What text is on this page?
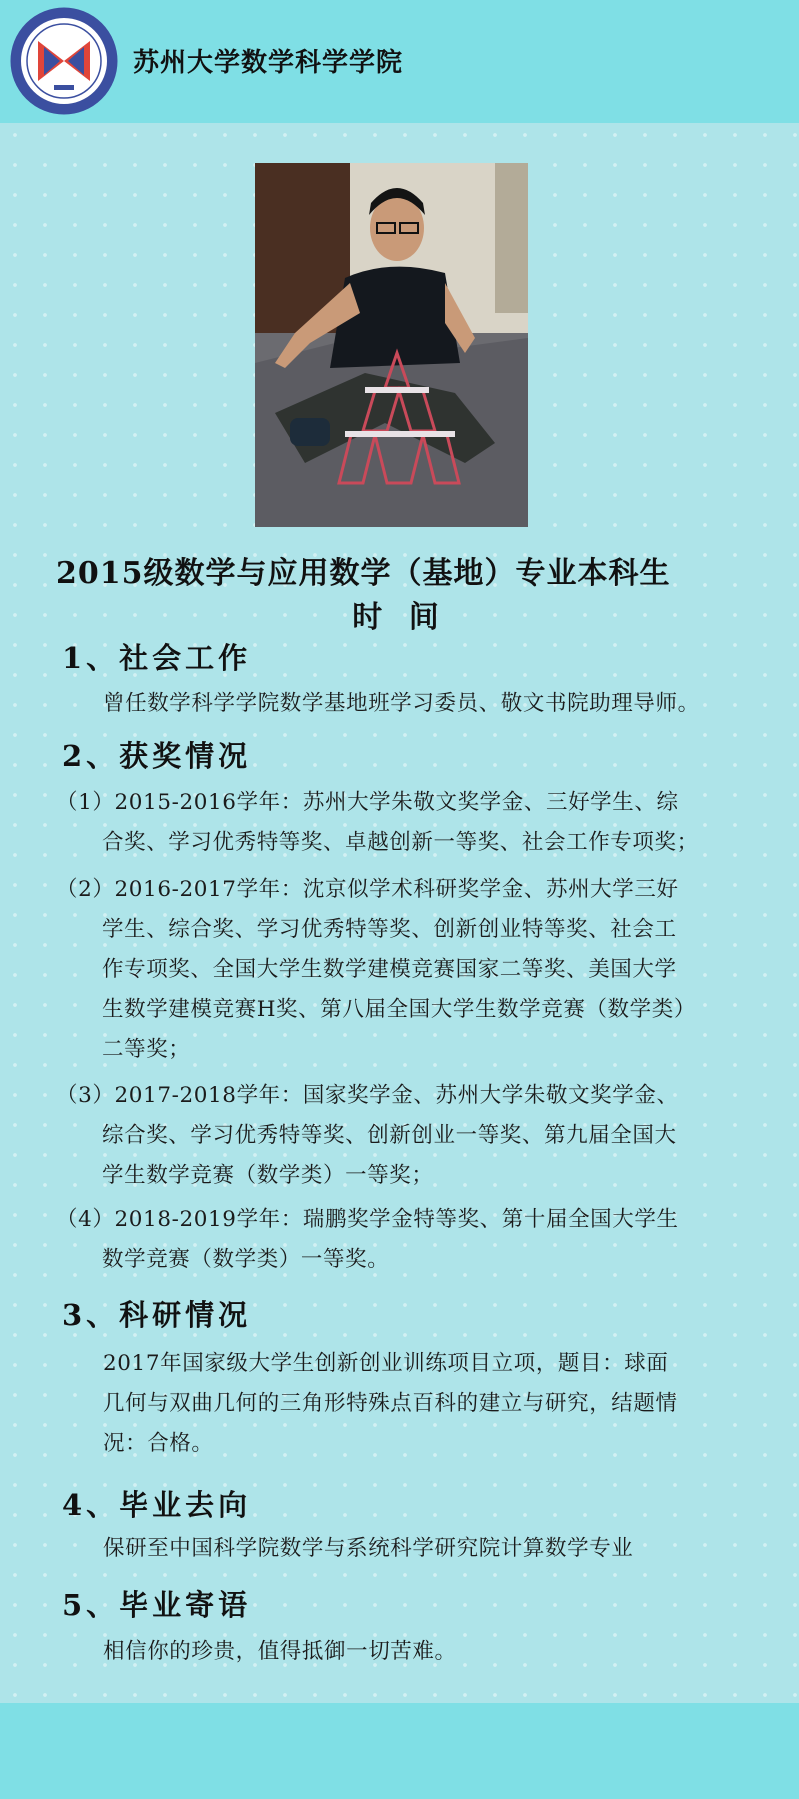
苏州大学数学科学学院
2015级数学与应用数学（基地）专业本科生
时 间
1、社会工作
曾任数学科学学院数学基地班学习委员、敬文书院助理导师。
2、获奖情况
（1）2015-2016学年：苏州大学朱敬文奖学金、三好学生、综
合奖、学习优秀特等奖、卓越创新一等奖、社会工作专项奖；
（2）2016-2017学年：沈京似学术科研奖学金、苏州大学三好
学生、综合奖、学习优秀特等奖、创新创业特等奖、社会工
作专项奖、全国大学生数学建模竞赛国家二等奖、美国大学
生数学建模竞赛H奖、第八届全国大学生数学竞赛（数学类）
二等奖；
（3）2017-2018学年：国家奖学金、苏州大学朱敬文奖学金、
综合奖、学习优秀特等奖、创新创业一等奖、第九届全国大
学生数学竞赛（数学类）一等奖；
（4）2018-2019学年：瑞鹏奖学金特等奖、第十届全国大学生
数学竞赛（数学类）一等奖。
3、科研情况
2017年国家级大学生创新创业训练项目立项，题目：球面
几何与双曲几何的三角形特殊点百科的建立与研究，结题情
况：合格。
4、毕业去向
保研至中国科学院数学与系统科学研究院计算数学专业
5、毕业寄语
相信你的珍贵，值得抵御一切苦难。
